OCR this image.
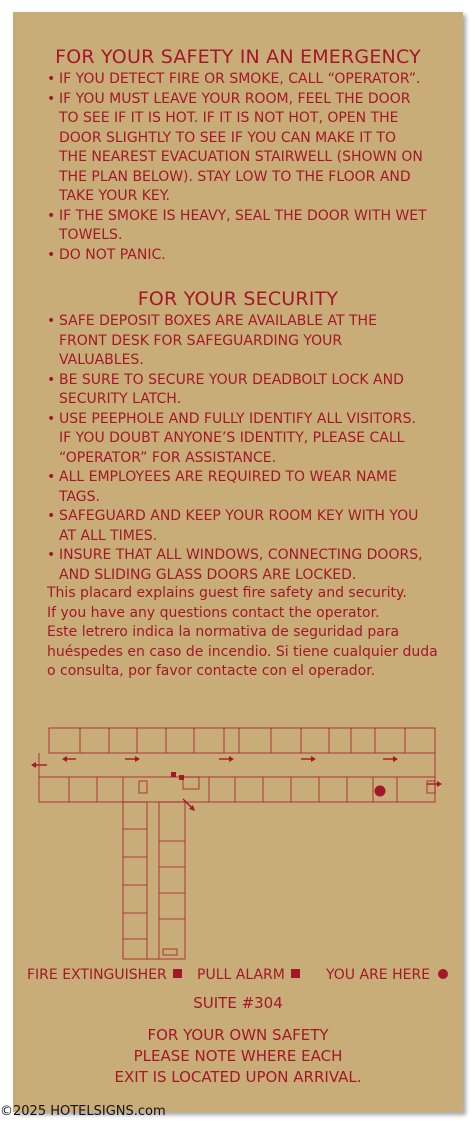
FOR YOUR SAFETY IN AN EMERGENCY
• IF YOU DETECT FIRE OR SMOKE, CALL “OPERATOR”.
• IF YOU MUST LEAVE YOUR ROOM, FEEL THE DOOR TO SEE IF IT IS HOT. IF IT IS NOT HOT, OPEN THE DOOR SLIGHTLY TO SEE IF YOU CAN MAKE IT TO THE NEAREST EVACUATION STAIRWELL (SHOWN ON THE PLAN BELOW). STAY LOW TO THE FLOOR AND TAKE YOUR KEY.
• IF THE SMOKE IS HEAVY, SEAL THE DOOR WITH WET TOWELS.
• DO NOT PANIC.
FOR YOUR SECURITY
• SAFE DEPOSIT BOXES ARE AVAILABLE AT THE FRONT DESK FOR SAFEGUARDING YOUR VALUABLES.
• BE SURE TO SECURE YOUR DEADBOLT LOCK AND SECURITY LATCH.
• USE PEEPHOLE AND FULLY IDENTIFY ALL VISITORS. IF YOU DOUBT ANYONE’S IDENTITY, PLEASE CALL “OPERATOR” FOR ASSISTANCE.
• ALL EMPLOYEES ARE REQUIRED TO WEAR NAME TAGS.
• SAFEGUARD AND KEEP YOUR ROOM KEY WITH YOU AT ALL TIMES.
• INSURE THAT ALL WINDOWS, CONNECTING DOORS, AND SLIDING GLASS DOORS ARE LOCKED.
This placard explains guest fire safety and security.
If you have any questions contact the operator.
Este letrero indica la normativa de seguridad para
huéspedes en caso de incendio. Si tiene cualquier duda
o consulta, por favor contacte con el operador.
FIRE EXTINGUISHER	PULL ALARM	YOU ARE HERE
SUITE #304
FOR YOUR OWN SAFETY
PLEASE NOTE WHERE EACH
EXIT IS LOCATED UPON ARRIVAL.
©2025 HOTELSIGNS.com
